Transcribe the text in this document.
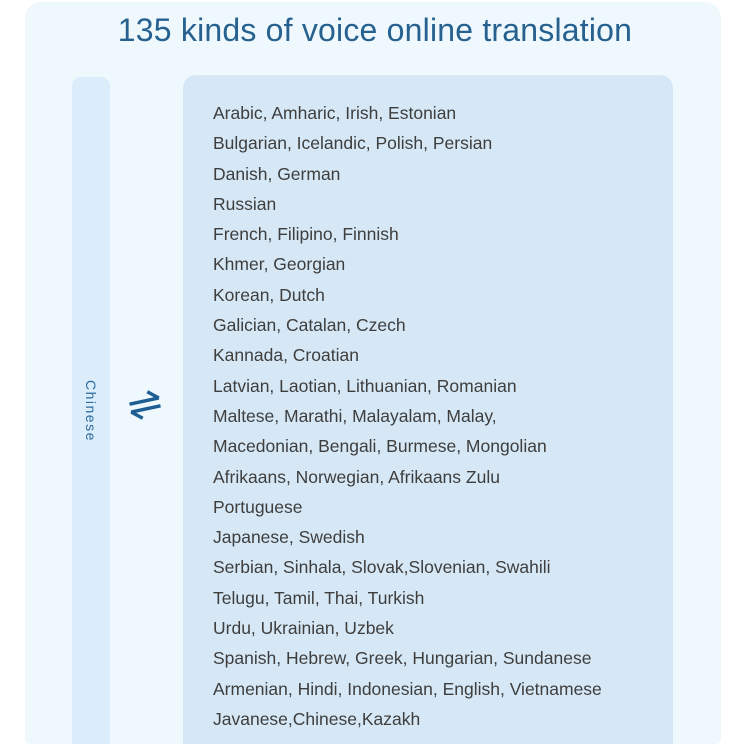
135 kinds of voice online translation
Chinese
Arabic, Amharic, Irish, Estonian
Bulgarian, Icelandic, Polish, Persian
Danish, German
Russian
French, Filipino, Finnish
Khmer, Georgian
Korean, Dutch
Galician, Catalan, Czech
Kannada, Croatian
Latvian, Laotian, Lithuanian, Romanian
Maltese, Marathi, Malayalam, Malay,
Macedonian, Bengali, Burmese, Mongolian
Afrikaans, Norwegian, Afrikaans Zulu
Portuguese
Japanese, Swedish
Serbian, Sinhala, Slovak,Slovenian, Swahili
Telugu, Tamil, Thai, Turkish
Urdu, Ukrainian, Uzbek
Spanish, Hebrew, Greek, Hungarian, Sundanese
Armenian, Hindi, Indonesian, English, Vietnamese
Javanese,Chinese,Kazakh
